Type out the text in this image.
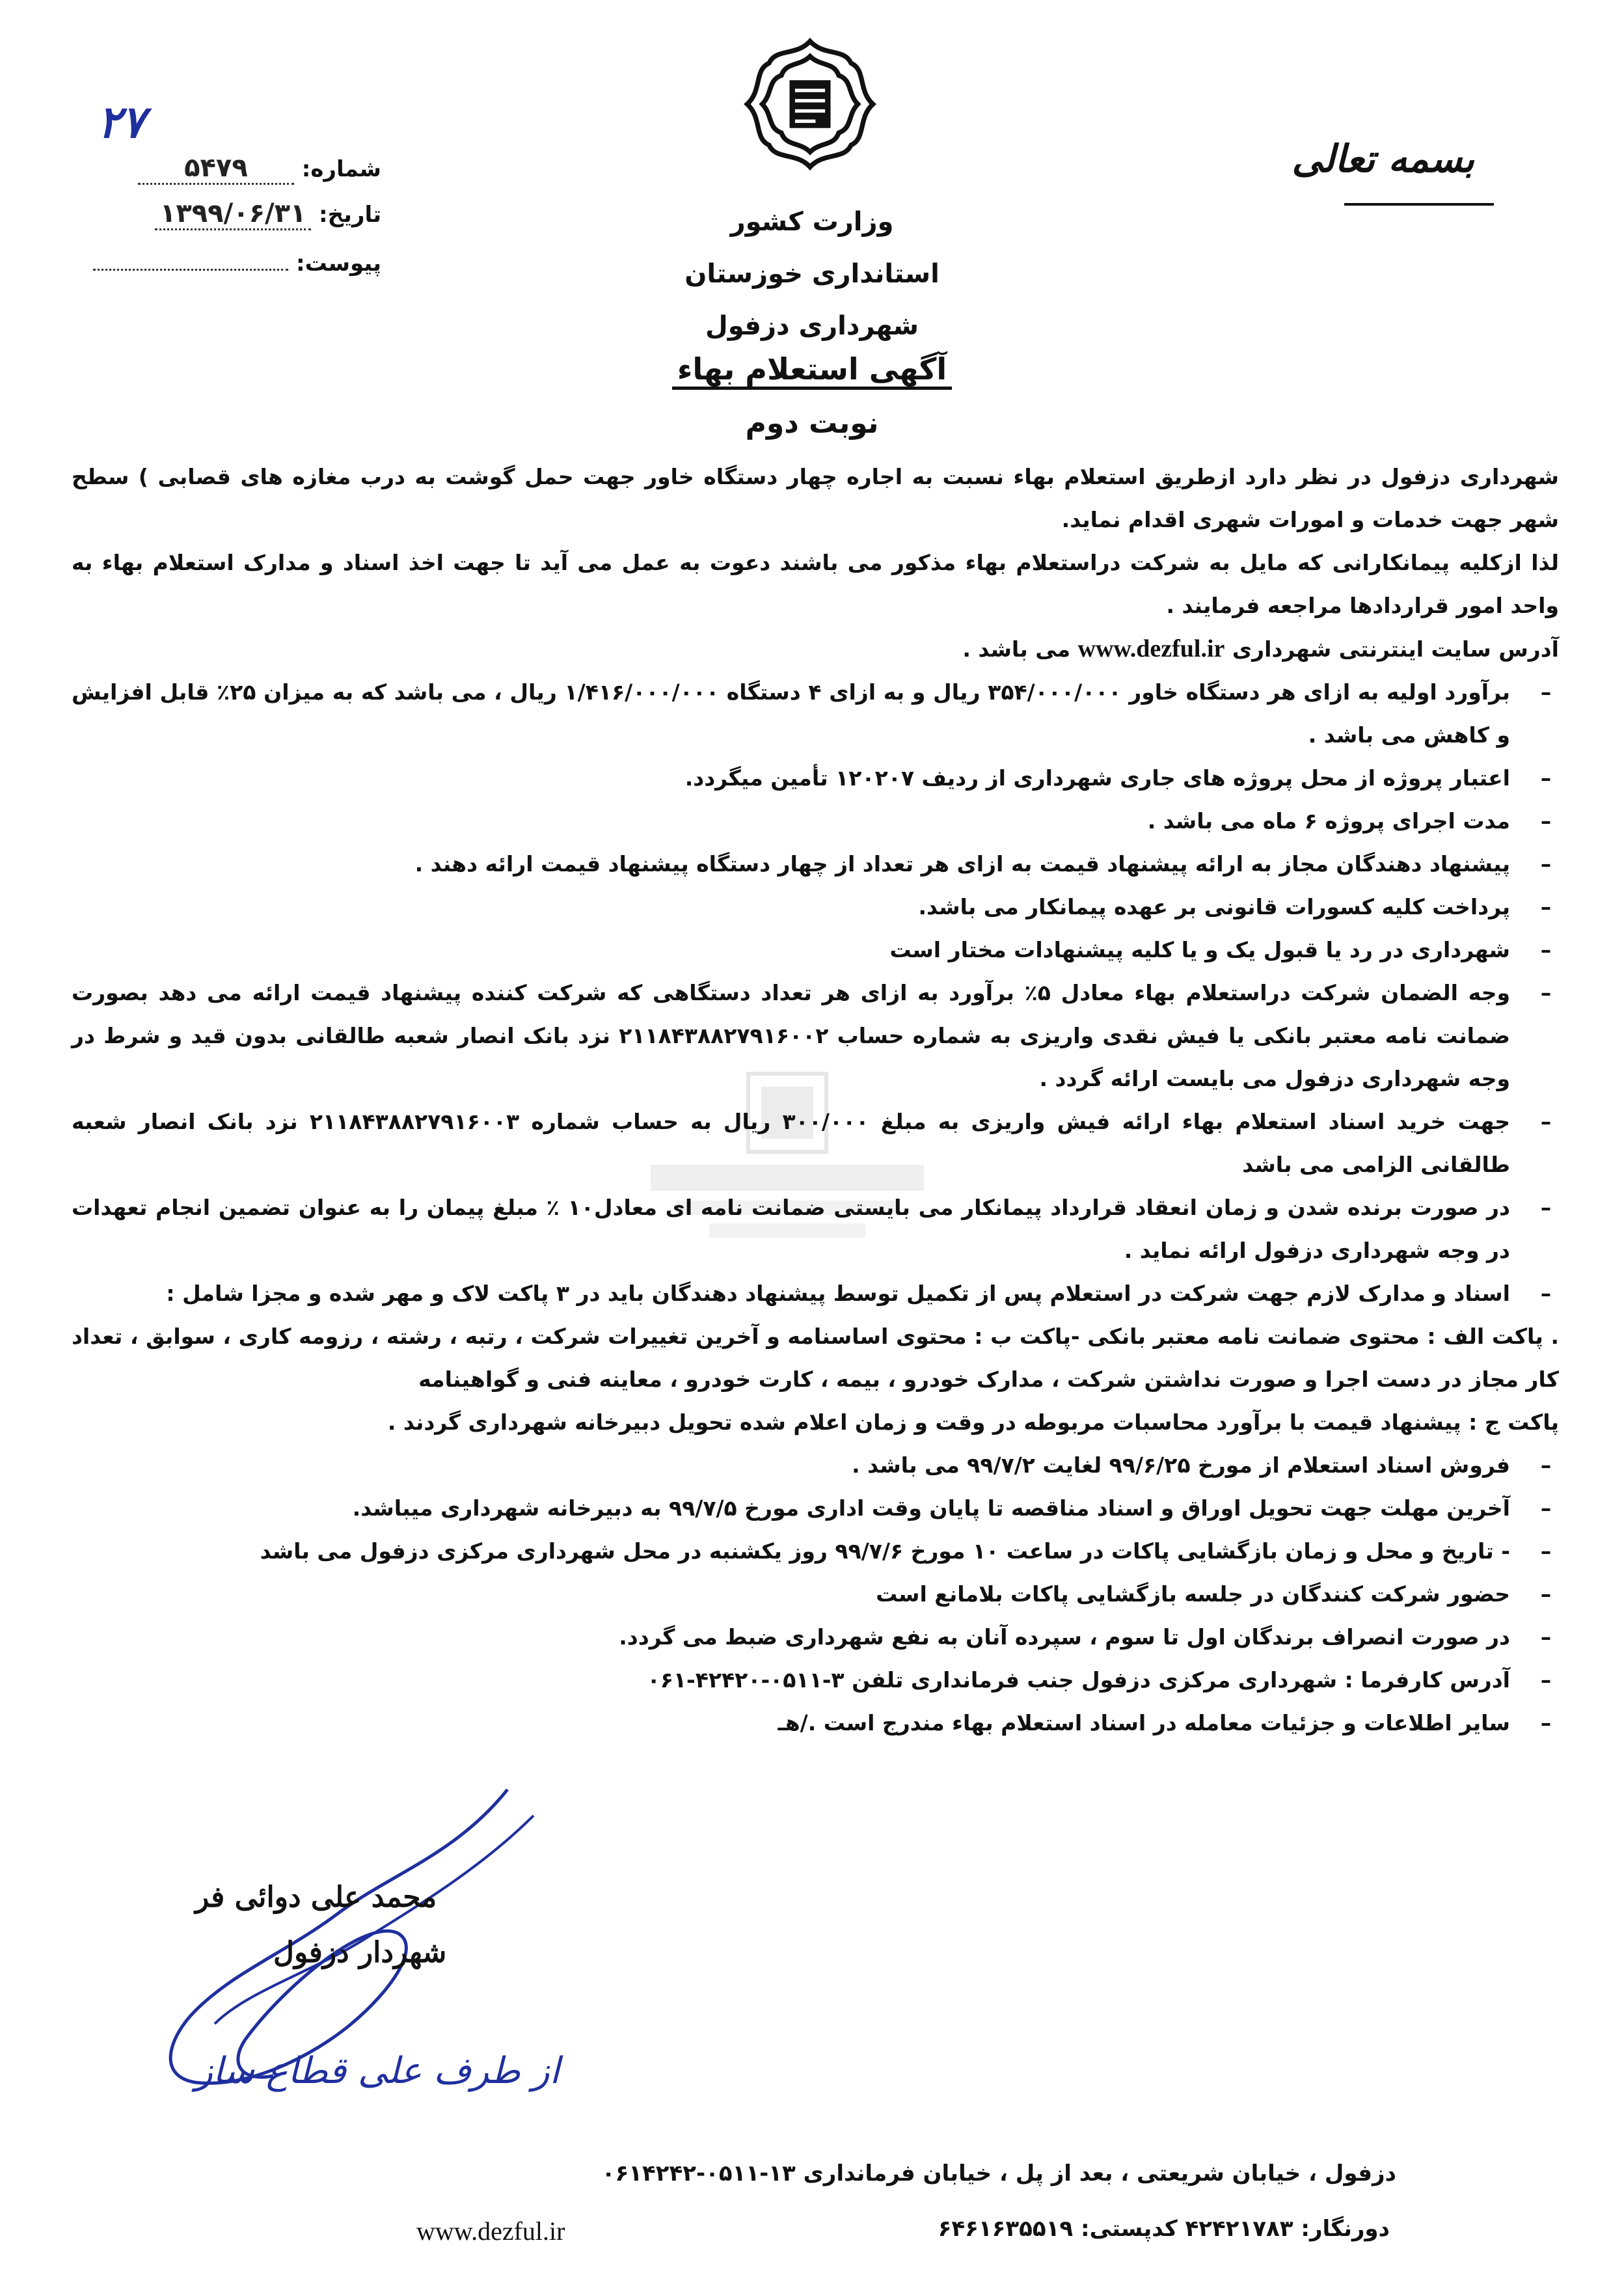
بسمه تعالی
۲۷
شماره: ۵۴۷۹
تاریخ: ۱۳۹۹/۰۶/۳۱
پیوست:
وزارت کشور
استانداری خوزستان
شهرداری دزفول
آگهی استعلام بهاء
نوبت دوم

شهرداری دزفول در نظر دارد ازطریق استعلام بهاء نسبت به اجاره چهار دستگاه خاور جهت حمل گوشت به درب مغازه های قصابی ) سطح شهر جهت خدمات و امورات شهری اقدام نماید.

لذا ازکلیه پیمانکارانی که مایل به شرکت دراستعلام بهاء مذکور می باشند دعوت به عمل می آید تا جهت اخذ اسناد و مدارک استعلام بهاء به واحد امور قراردادها مراجعه فرمایند .

آدرس سایت اینترنتی شهرداری www.dezful.ir می باشد .

–
برآورد اولیه به ازای هر دستگاه خاور ۳۵۴/۰۰۰/۰۰۰ ریال و به ازای ۴ دستگاه ۱/۴۱۶/۰۰۰/۰۰۰ ریال ، می باشد که به میزان ۲۵٪ قابل افزایش و کاهش می باشد .
–
اعتبار پروژه از محل پروژه های جاری شهرداری از ردیف ۱۲۰۲۰۷ تأمین میگردد.
–
مدت اجرای پروژه ۶ ماه می باشد .
–
پیشنهاد دهندگان مجاز به ارائه پیشنهاد قیمت به ازای هر تعداد از چهار دستگاه پیشنهاد قیمت ارائه دهند .
–
پرداخت کلیه کسورات قانونی بر عهده پیمانکار می باشد.
–
شهرداری در رد یا قبول یک و یا کلیه پیشنهادات مختار است
–
وجه الضمان شرکت دراستعلام بهاء معادل ۵٪ برآورد به ازای هر تعداد دستگاهی که شرکت کننده پیشنهاد قیمت ارائه می دهد بصورت ضمانت نامه معتبر بانکی یا فیش نقدی واریزی به شماره حساب ۲۱۱۸۴۳۸۸۲۷۹۱۶۰۰۲ نزد بانک انصار شعبه طالقانی بدون قید و شرط در وجه شهرداری دزفول می بایست ارائه گردد .
–
جهت خرید اسناد استعلام بهاء ارائه فیش واریزی به مبلغ ۳۰۰/۰۰۰ ریال به حساب شماره ۲۱۱۸۴۳۸۸۲۷۹۱۶۰۰۳ نزد بانک انصار شعبه طالقانی الزامی می باشد
–
در صورت برنده شدن و زمان انعقاد قرارداد پیمانکار می بایستی ضمانت نامه ای معادل۱۰ ٪ مبلغ پیمان را به عنوان تضمین انجام تعهدات در وجه شهرداری دزفول ارائه نماید .
–
اسناد و مدارک لازم جهت شرکت در استعلام پس از تکمیل توسط پیشنهاد دهندگان باید در ۳ پاکت لاک و مهر شده و مجزا شامل :
. پاکت الف : محتوی ضمانت نامه معتبر بانکی -پاکت ب : محتوی اساسنامه و آخرین تغییرات شرکت ، رتبه ، رشته ، رزومه کاری ، سوابق ، تعداد کار مجاز در دست اجرا و صورت نداشتن شرکت ، مدارک خودرو ، بیمه ، کارت خودرو ، معاینه فنی و گواهینامه
پاکت ج : پیشنهاد قیمت با برآورد محاسبات مربوطه در وقت و زمان اعلام شده تحویل دبیرخانه شهرداری گردند .
–
فروش اسناد استعلام از مورخ ۹۹/۶/۲۵ لغایت ۹۹/۷/۲ می باشد .
–
آخرین مهلت جهت تحویل اوراق و اسناد مناقصه تا پایان وقت اداری مورخ ۹۹/۷/۵ به دبیرخانه شهرداری میباشد.
–
- تاریخ و محل و زمان بازگشایی پاکات در ساعت ۱۰ مورخ ۹۹/۷/۶ روز یکشنبه در محل شهرداری مرکزی دزفول می باشد
–
حضور شرکت کنندگان در جلسه بازگشایی پاکات بلامانع است
–
در صورت انصراف برندگان اول تا سوم ، سپرده آنان به نفع شهرداری ضبط می گردد.
–
آدرس کارفرما : شهرداری مرکزی دزفول جنب فرمانداری تلفن ۳-۰۵۱۱-۴۲۴۲۰-۰۶۱
–
سایر اطلاعات و جزئیات معامله در اسناد استعلام بهاء مندرج است ./هـ
محمد علی دوائی فر
شهردار دزفول
از طرف علی قطاع ساز
دزفول ، خیابان شریعتی ، بعد از پل ، خیابان فرمانداری ۱۳-۰۵۱۱-۰۶۱۴۲۴۲
دورنگار: ۴۲۴۲۱۷۸۳ کدپستی: ۶۴۶۱۶۳۵۵۱۹
www.dezful.ir
